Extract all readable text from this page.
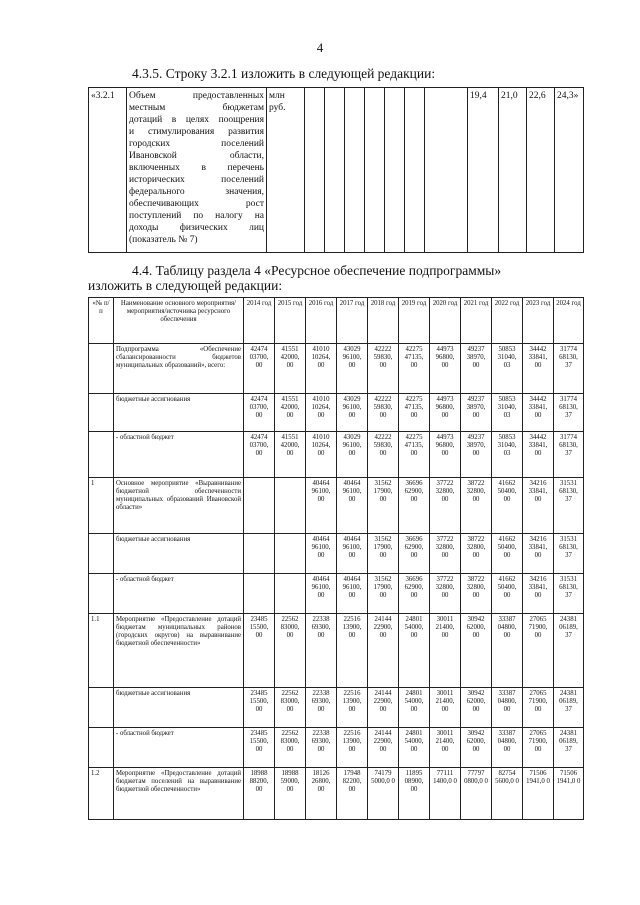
4
4.3.5. Строку 3.2.1 изложить в следующей редакции:
«3.2.1	Объем предоставленных
местным бюджетам
дотаций в целях поощрения
и стимулирования развития
городских поселений
Ивановской области,
включенных в перечень
исторических поселений
федерального значения,
обеспечивающих рост
поступлений по налогу на
доходы физических лиц
(показатель № 7)
	млн руб.								19,4	21,0	22,6	24,3»
4.4. Таблицу раздела 4 «Ресурсное обеспечение подпрограммы»
изложить в следующей редакции:
«№ п/п	Наименование основного мероприятия/мероприятия/источника ресурсного обеспечения	2014 год	2015 год	2016 год	2017 год	2018 год	2019 год	2020 год	2021 год	2022 год	2023 год	2024 год
	Подпрограмма «Обеспечение сбалансированности бюджетов муниципальных образований», всего:	42474 03700, 00	41551 42000, 00	41010 10264, 00	43029 96100, 00	42222 59830, 00	42275 47135, 00	44973 96800, 00	49237 38970, 00	50853 31040, 03	34442 33841, 00	31774 68130, 37
	бюджетные ассигнования	42474 03700, 00	41551 42000, 00	41010 10264, 00	43029 96100, 00	42222 59830, 00	42275 47135, 00	44973 96800, 00	49237 38970, 00	50853 31040, 03	34442 33841, 00	31774 68130, 37
	- областной бюджет	42474 03700, 00	41551 42000, 00	41010 10264, 00	43029 96100, 00	42222 59830, 00	42275 47135, 00	44973 96800, 00	49237 38970, 00	50853 31040, 03	34442 33841, 00	31774 68130, 37
1	Основное мероприятие «Выравнивание бюджетной обеспеченности муниципальных образований Ивановской области»			40464 96100, 00	40464 96100, 00	31562 17900, 00	36696 62900, 00	37722 32800, 00	38722 32800, 00	41662 50400, 00	34216 33841, 00	31531 68130, 37
	бюджетные ассигнования			40464 96100, 00	40464 96100, 00	31562 17900, 00	36696 62900, 00	37722 32800, 00	38722 32800, 00	41662 50400, 00	34216 33841, 00	31531 68130, 37
	- областной бюджет			40464 96100, 00	40464 96100, 00	31562 17900, 00	36696 62900, 00	37722 32800, 00	38722 32800, 00	41662 50400, 00	34216 33841, 00	31531 68130, 37
1.1	Мероприятие «Предоставление дотаций бюджетам муниципальных районов (городских округов) на выравнивание бюджетной обеспеченности»	23485 15500, 00	22562 83000, 00	22338 69300, 00	22516 13900, 00	24144 22900, 00	24801 54000, 00	30011 21400, 00	30942 62000, 00	33387 04800, 00	27065 71900, 00	24381 06189, 37
	бюджетные ассигнования	23485 15500, 00	22562 83000, 00	22338 69300, 00	22516 13900, 00	24144 22900, 00	24801 54000, 00	30011 21400, 00	30942 62000, 00	33387 04800, 00	27065 71900, 00	24381 06189, 37
	- областной бюджет	23485 15500, 00	22562 83000, 00	22338 69300, 00	22516 13900, 00	24144 22900, 00	24801 54000, 00	30011 21400, 00	30942 62000, 00	33387 04800, 00	27065 71900, 00	24381 06189, 37
1.2	Мероприятие «Предоставление дотаций бюджетам поселений на выравнивание бюджетной обеспеченности»	18988 88200, 00	18988 59000, 00	18126 26800, 00	17948 82200, 00	74179 5000,0 0	11895 08900, 00	77111 1400,0 0	77797 0800,0 0	82754 5600,0 0	71506 1941,0 0	71506 1941,0 0
